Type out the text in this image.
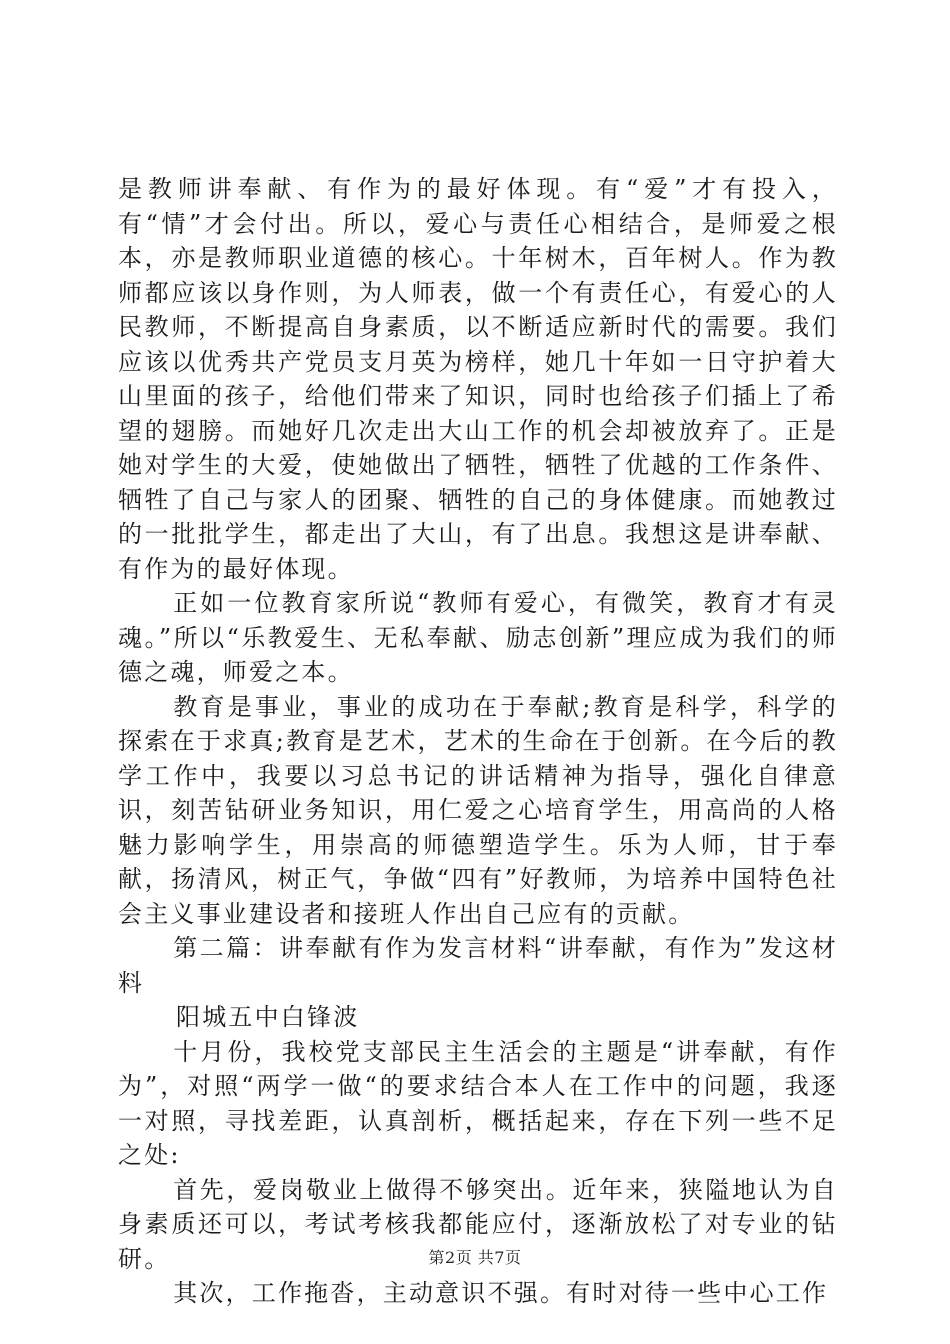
是教师讲奉献、有作为的最好体现。有“爱”才有投入，有“情”才会付出。所以，爱心与责任心相结合，是师爱之根本，亦是教师职业道德的核心。十年树木，百年树人。作为教师都应该以身作则，为人师表，做一个有责任心，有爱心的人民教师，不断提高自身素质，以不断适应新时代的需要。我们应该以优秀共产党员支月英为榜样，她几十年如一日守护着大山里面的孩子，给他们带来了知识，同时也给孩子们插上了希望的翅膀。而她好几次走出大山工作的机会却被放弃了。正是她对学生的大爱，使她做出了牺牲，牺牲了优越的工作条件、牺牲了自己与家人的团聚、牺牲的自己的身体健康。而她教过的一批批学生，都走出了大山，有了出息。我想这是讲奉献、有作为的最好体现。

正如一位教育家所说“教师有爱心，有微笑，教育才有灵魂。”所以“乐教爱生、无私奉献、励志创新”理应成为我们的师德之魂，师爱之本。

教育是事业，事业的成功在于奉献;教育是科学，科学的探索在于求真;教育是艺术，艺术的生命在于创新。在今后的教学工作中，我要以习总书记的讲话精神为指导，强化自律意识，刻苦钻研业务知识，用仁爱之心培育学生，用高尚的人格魅力影响学生，用崇高的师德塑造学生。乐为人师，甘于奉献，扬清风，树正气，争做“四有”好教师，为培养中国特色社会主义事业建设者和接班人作出自己应有的贡献。

第二篇：讲奉献有作为发言材料“讲奉献，有作为”发这材料

阳城五中白锋波

十月份，我校党支部民主生活会的主题是“讲奉献，有作为”，对照“两学一做“的要求结合本人在工作中的问题，我逐一对照，寻找差距，认真剖析，概括起来，存在下列一些不足之处:

首先，爱岗敬业上做得不够突出。近年来，狭隘地认为自身素质还可以，考试考核我都能应付，逐渐放松了对专业的钻研。

其次，工作拖沓，主动意识不强。有时对待一些中心工作

第2页 共7页
